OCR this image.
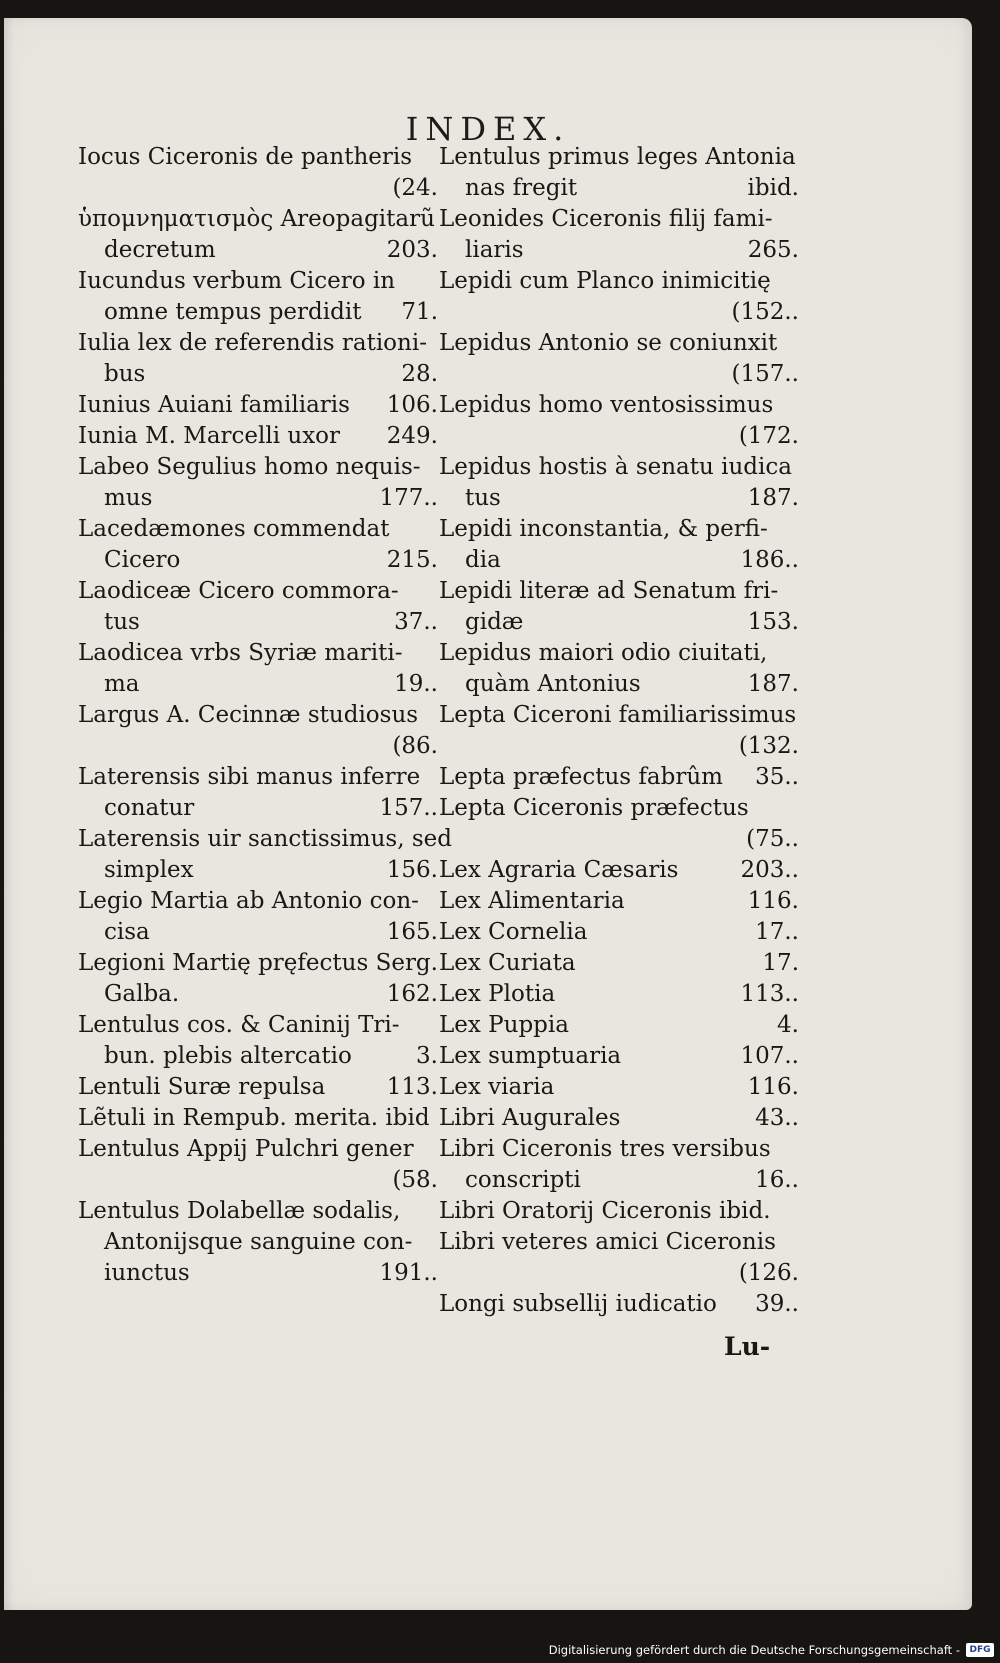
INDEX.
Iocus Ciceronis de pantheris
(24.
ὑπομνηματισμὸς Areopagitarũ
decretum	203.
Iucundus verbum Cicero in
omne tempus perdidit	71.
Iulia lex de referendis rationi-
bus	28.
Iunius Auiani familiaris	106.
Iunia M. Marcelli uxor	249.
Labeo Segulius homo nequis-
mus	177..
Lacedæmones commendat
Cicero	215.
Laodiceæ Cicero commora-
tus	37..
Laodicea vrbs Syriæ mariti-
ma	19..
Largus A. Cecinnæ studiosus
(86.
Laterensis sibi manus inferre
conatur	157..
Laterensis uir sanctissimus, sed
simplex	156.
Legio Martia ab Antonio con-
cisa	165.
Legioni Martię pręfectus Serg.
Galba.	162.
Lentulus cos. & Caninij Tri-
bun. plebis altercatio	3.
Lentuli Suræ repulsa	113.
Lẽtuli in Rempub. merita. ibid
Lentulus Appij Pulchri gener
(58.
Lentulus Dolabellæ sodalis,
Antonijsque sanguine con-
iunctus	191..
Lentulus primus leges Antonia
nas fregit	ibid.
Leonides Ciceronis filij fami-
liaris	265.
Lepidi cum Planco inimicitię
(152..
Lepidus Antonio se coniunxit
(157..
Lepidus homo ventosissimus
(172.
Lepidus hostis à senatu iudica
tus	187.
Lepidi inconstantia, & perfi-
dia	186..
Lepidi literæ ad Senatum fri-
gidæ	153.
Lepidus maiori odio ciuitati,
quàm Antonius	187.
Lepta Ciceroni familiarissimus
(132.
Lepta præfectus fabrûm	35..
Lepta Ciceronis præfectus
(75..
Lex Agraria Cæsaris	203..
Lex Alimentaria	116.
Lex Cornelia	17..
Lex Curiata	17.
Lex Plotia	113..
Lex Puppia	4.
Lex sumptuaria	107..
Lex viaria	116.
Libri Augurales	43..
Libri Ciceronis tres versibus
conscripti	16..
Libri Oratorij Ciceronis ibid.
Libri veteres amici Ciceronis
(126.
Longi subsellij iudicatio	39..
Lu-
Digitalisierung gefördert durch die Deutsche Forschungsgemeinschaft -	DFG
